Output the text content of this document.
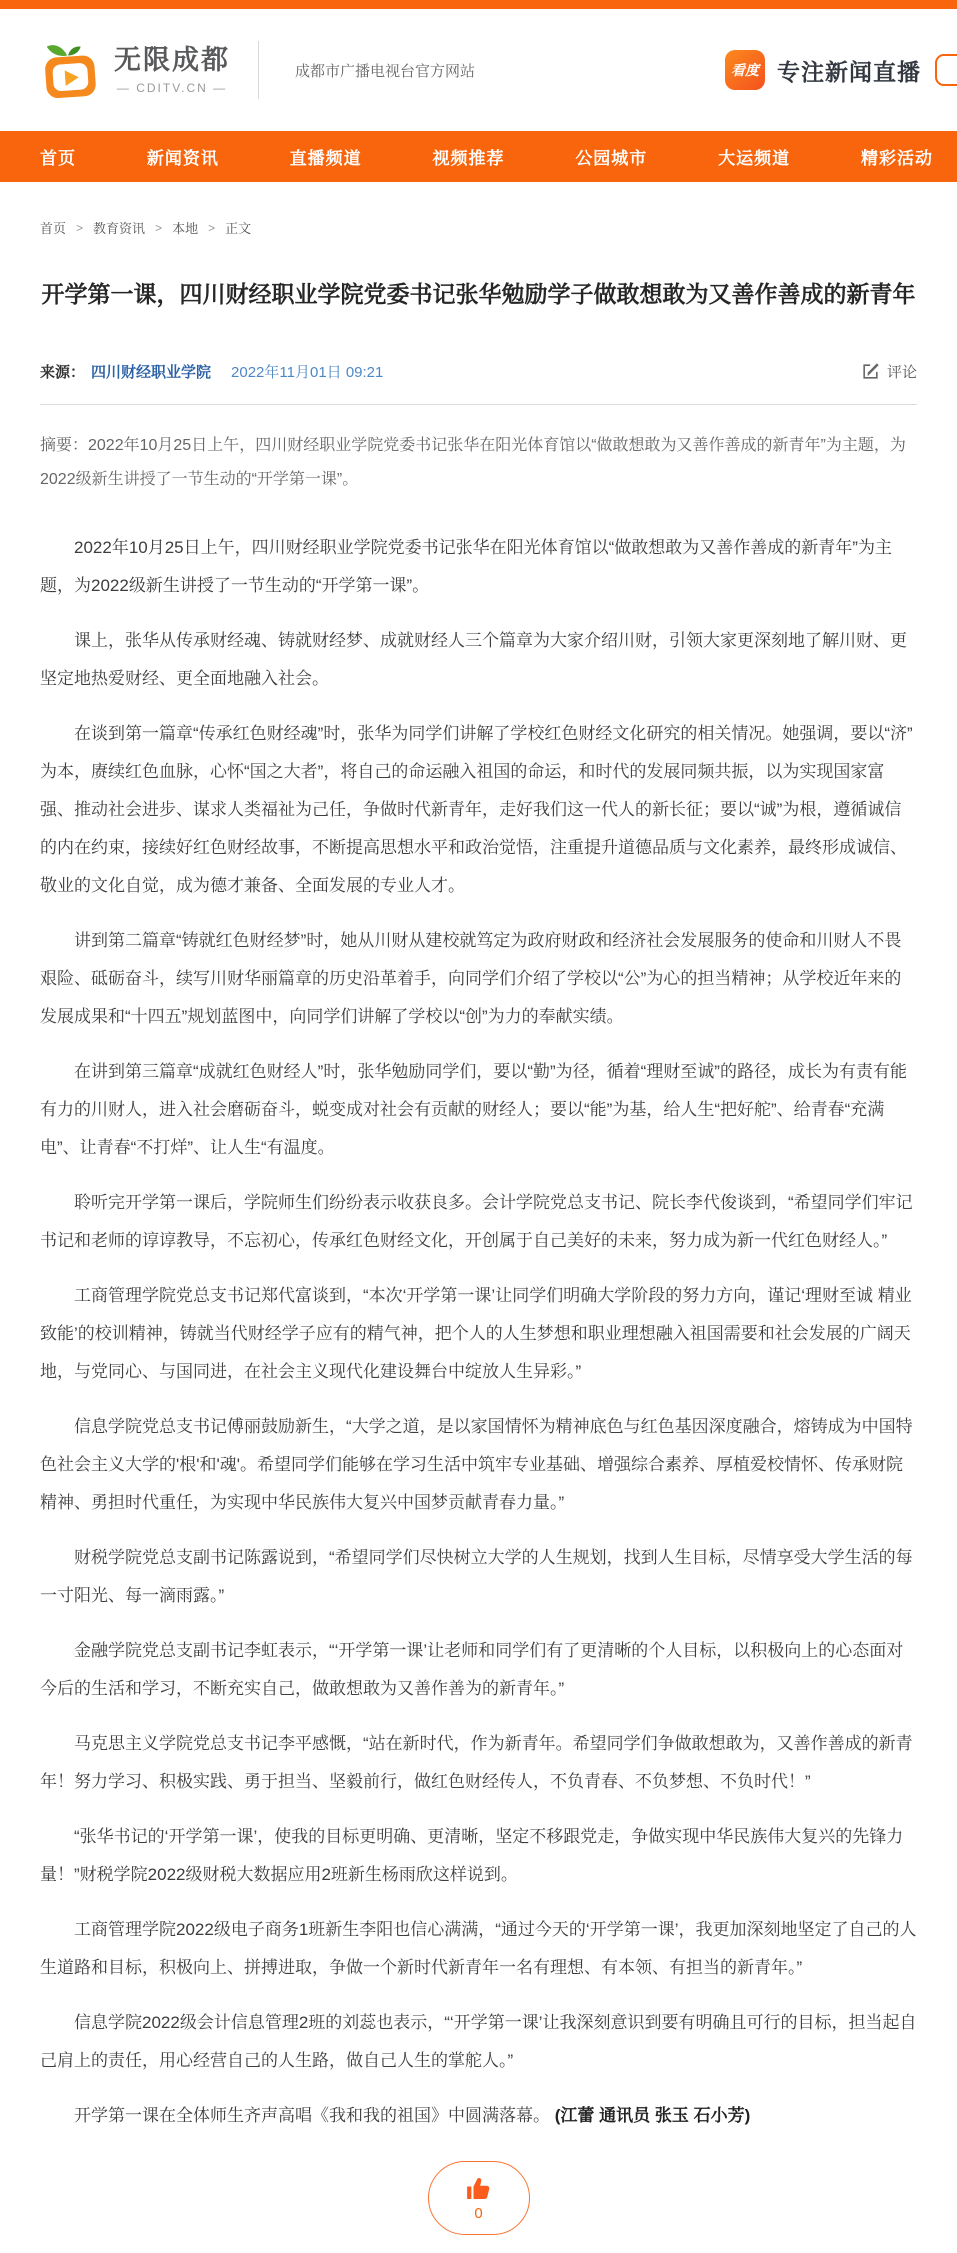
无限成都
— CDITV.CN —
成都市广播电视台官方网站	看度 专注新闻直播
首页	新闻资讯	直播频道	视频推荐	公园城市	大运频道	精彩活动
首页 > 教育资讯 > 本地 > 正文
开学第一课，四川财经职业学院党委书记张华勉励学子做敢想敢为又善作善成的新青年
来源： 四川财经职业学院 2022年11月01日 09:21	评论

摘要：2022年10月25日上午，四川财经职业学院党委书记张华在阳光体育馆以“做敢想敢为又善作善成的新青年”为主题，为2022级新生讲授了一节生动的“开学第一课”。

2022年10月25日上午，四川财经职业学院党委书记张华在阳光体育馆以“做敢想敢为又善作善成的新青年”为主题，为2022级新生讲授了一节生动的“开学第一课”。

课上，张华从传承财经魂、铸就财经梦、成就财经人三个篇章为大家介绍川财，引领大家更深刻地了解川财、更坚定地热爱财经、更全面地融入社会。

在谈到第一篇章“传承红色财经魂”时，张华为同学们讲解了学校红色财经文化研究的相关情况。她强调，要以“济”为本，赓续红色血脉，心怀“国之大者”，将自己的命运融入祖国的命运，和时代的发展同频共振，以为实现国家富强、推动社会进步、谋求人类福祉为己任，争做时代新青年，走好我们这一代人的新长征；要以“诚”为根，遵循诚信的内在约束，接续好红色财经故事，不断提高思想水平和政治觉悟，注重提升道德品质与文化素养，最终形成诚信、敬业的文化自觉，成为德才兼备、全面发展的专业人才。

讲到第二篇章“铸就红色财经梦”时，她从川财从建校就笃定为政府财政和经济社会发展服务的使命和川财人不畏艰险、砥砺奋斗，续写川财华丽篇章的历史沿革着手，向同学们介绍了学校以“公”为心的担当精神；从学校近年来的发展成果和“十四五”规划蓝图中，向同学们讲解了学校以“创”为力的奉献实绩。

在讲到第三篇章“成就红色财经人”时，张华勉励同学们，要以“勤”为径，循着“理财至诚”的路径，成长为有责有能有力的川财人，进入社会磨砺奋斗，蜕变成对社会有贡献的财经人；要以“能”为基，给人生“把好舵”、给青春“充满电”、让青春“不打烊”、让人生“有温度。

聆听完开学第一课后，学院师生们纷纷表示收获良多。会计学院党总支书记、院长李代俊谈到，“希望同学们牢记书记和老师的谆谆教导，不忘初心，传承红色财经文化，开创属于自己美好的未来，努力成为新一代红色财经人。”

工商管理学院党总支书记郑代富谈到，“本次‘开学第一课’让同学们明确大学阶段的努力方向，谨记‘理财至诚 精业致能’的校训精神，铸就当代财经学子应有的精气神，把个人的人生梦想和职业理想融入祖国需要和社会发展的广阔天地，与党同心、与国同进，在社会主义现代化建设舞台中绽放人生异彩。”

信息学院党总支书记傅丽鼓励新生，“大学之道，是以家国情怀为精神底色与红色基因深度融合，熔铸成为中国特色社会主义大学的'根'和'魂'。希望同学们能够在学习生活中筑牢专业基础、增强综合素养、厚植爱校情怀、传承财院精神、勇担时代重任，为实现中华民族伟大复兴中国梦贡献青春力量。”

财税学院党总支副书记陈露说到，“希望同学们尽快树立大学的人生规划，找到人生目标，尽情享受大学生活的每一寸阳光、每一滴雨露。”

金融学院党总支副书记李虹表示，“‘开学第一课’让老师和同学们有了更清晰的个人目标，以积极向上的心态面对今后的生活和学习，不断充实自己，做敢想敢为又善作善为的新青年。”

马克思主义学院党总支书记李平感慨，“站在新时代，作为新青年。希望同学们争做敢想敢为，又善作善成的新青年！努力学习、积极实践、勇于担当、坚毅前行，做红色财经传人，不负青春、不负梦想、不负时代！”

“张华书记的‘开学第一课’，使我的目标更明确、更清晰，坚定不移跟党走，争做实现中华民族伟大复兴的先锋力量！”财税学院2022级财税大数据应用2班新生杨雨欣这样说到。

工商管理学院2022级电子商务1班新生李阳也信心满满，“通过今天的‘开学第一课’，我更加深刻地坚定了自己的人生道路和目标，积极向上、拼搏进取，争做一个新时代新青年一名有理想、有本领、有担当的新青年。”

信息学院2022级会计信息管理2班的刘蕊也表示，“‘开学第一课’让我深刻意识到要有明确且可行的目标，担当起自己肩上的责任，用心经营自己的人生路，做自己人生的掌舵人。”

开学第一课在全体师生齐声高唱《我和我的祖国》中圆满落幕。 (江蕾 通讯员 张玉 石小芳)

0
